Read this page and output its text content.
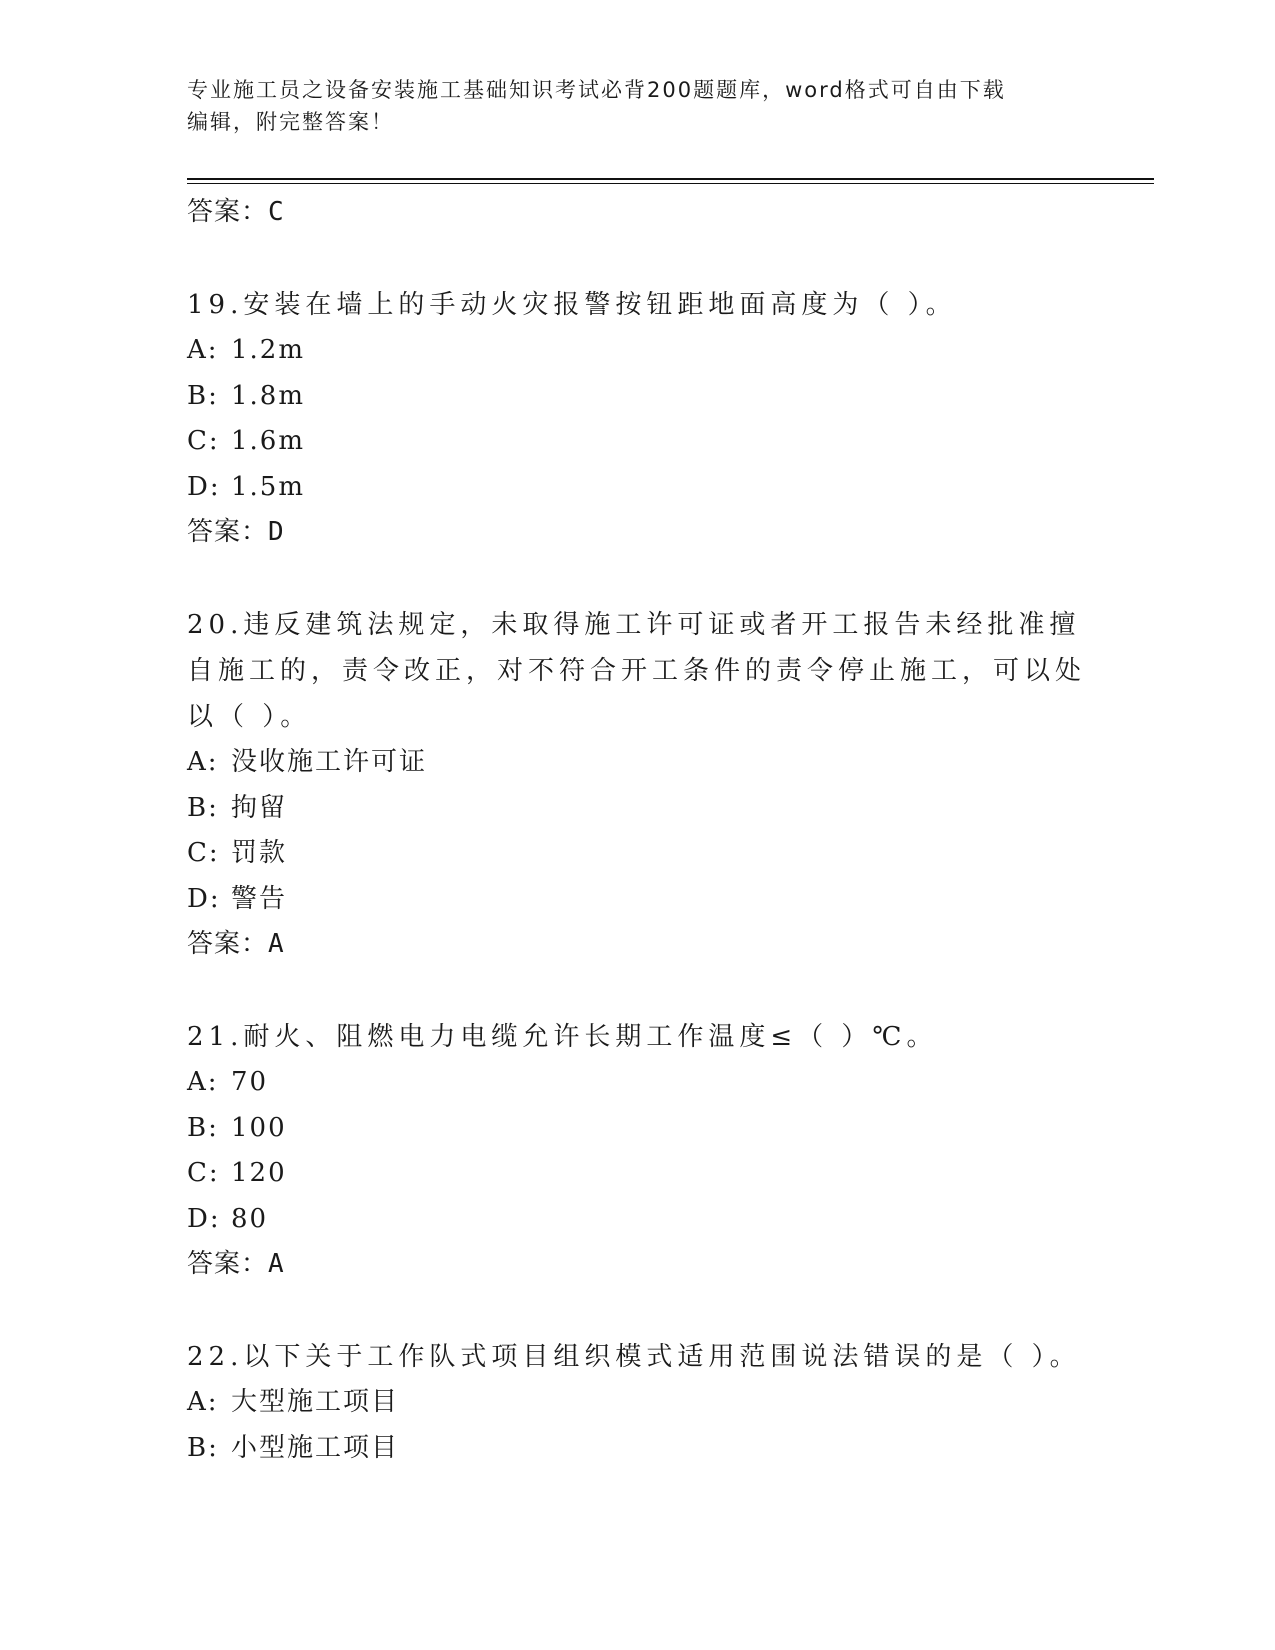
专业施工员之设备安装施工基础知识考试必背200题题库，word格式可自由下载
编辑，附完整答案！
答案：C
19.安装在墙上的手动火灾报警按钮距地面高度为（ ）。
A: 1.2m
B: 1.8m
C: 1.6m
D: 1.5m
答案：D
20.违反建筑法规定，未取得施工许可证或者开工报告未经批准擅自施工的，责令改正，对不符合开工条件的责令停止施工，可以处以（ ）。
A: 没收施工许可证
B: 拘留
C: 罚款
D: 警告
答案：A
21.耐火、阻燃电力电缆允许长期工作温度≤（ ）℃。
A: 70
B: 100
C: 120
D: 80
答案：A
22.以下关于工作队式项目组织模式适用范围说法错误的是（ ）。
A: 大型施工项目
B: 小型施工项目
